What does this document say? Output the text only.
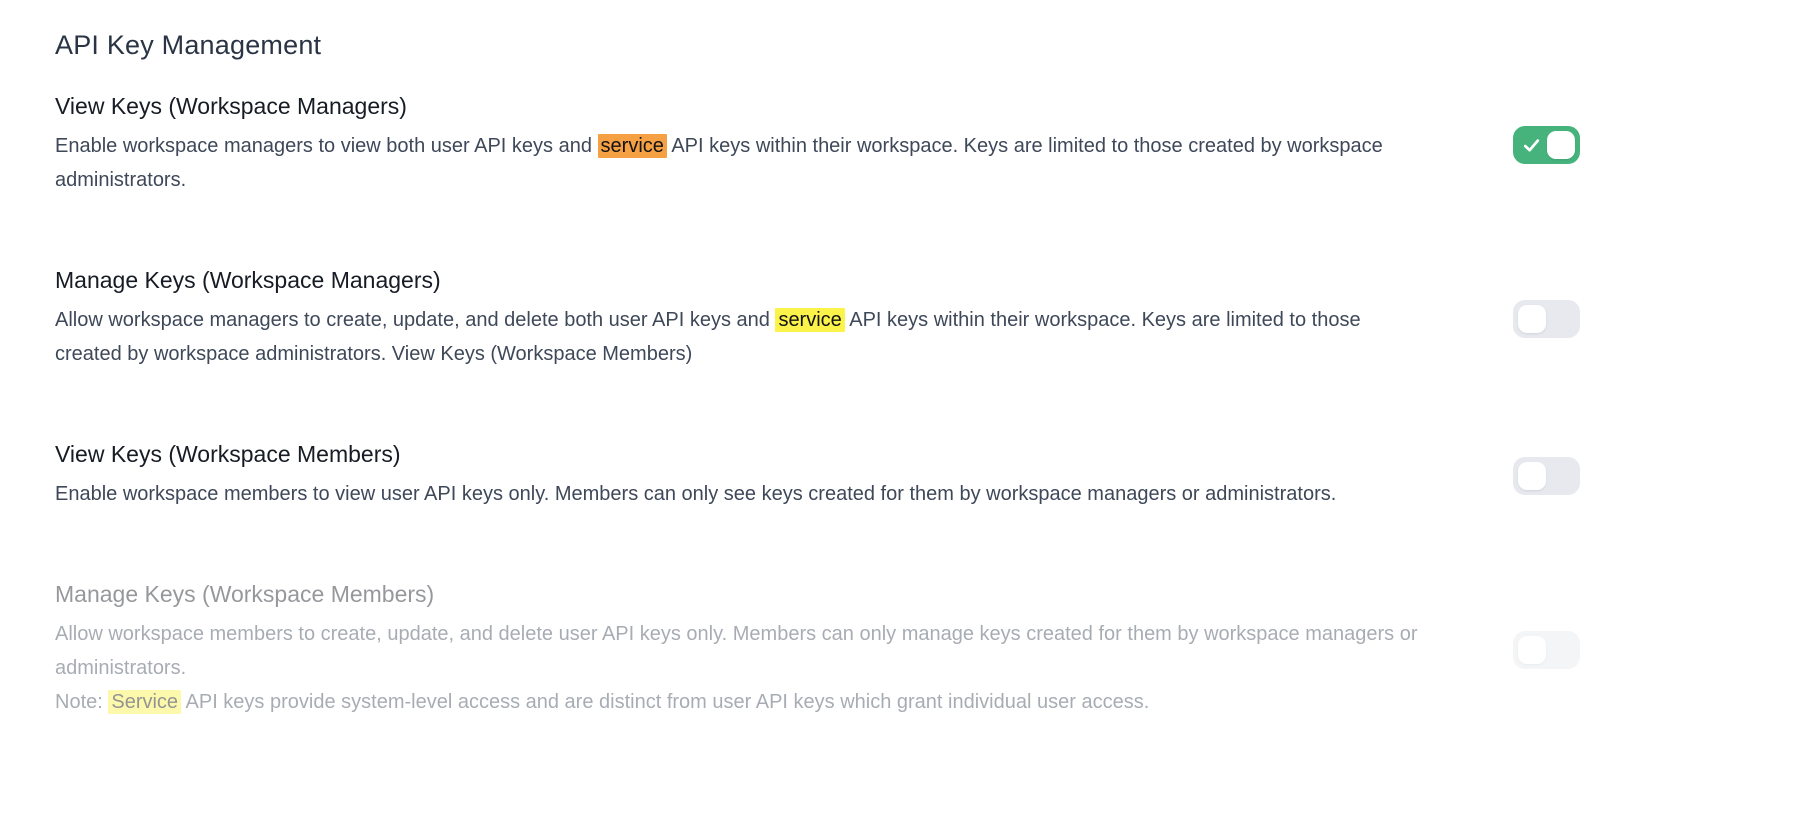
API Key Management
View Keys (Workspace Managers)

Enable workspace managers to view both user API keys and service API keys within their workspace. Keys are limited to those created by workspace administrators.

Manage Keys (Workspace Managers)

Allow workspace managers to create, update, and delete both user API keys and service API keys within their workspace. Keys are limited to those created by workspace administrators. View Keys (Workspace Members)

View Keys (Workspace Members)

Enable workspace members to view user API keys only. Members can only see keys created for them by workspace managers or administrators.

Manage Keys (Workspace Members)

Allow workspace members to create, update, and delete user API keys only. Members can only manage keys created for them by workspace managers or administrators.

Note: Service API keys provide system-level access and are distinct from user API keys which grant individual user access.
